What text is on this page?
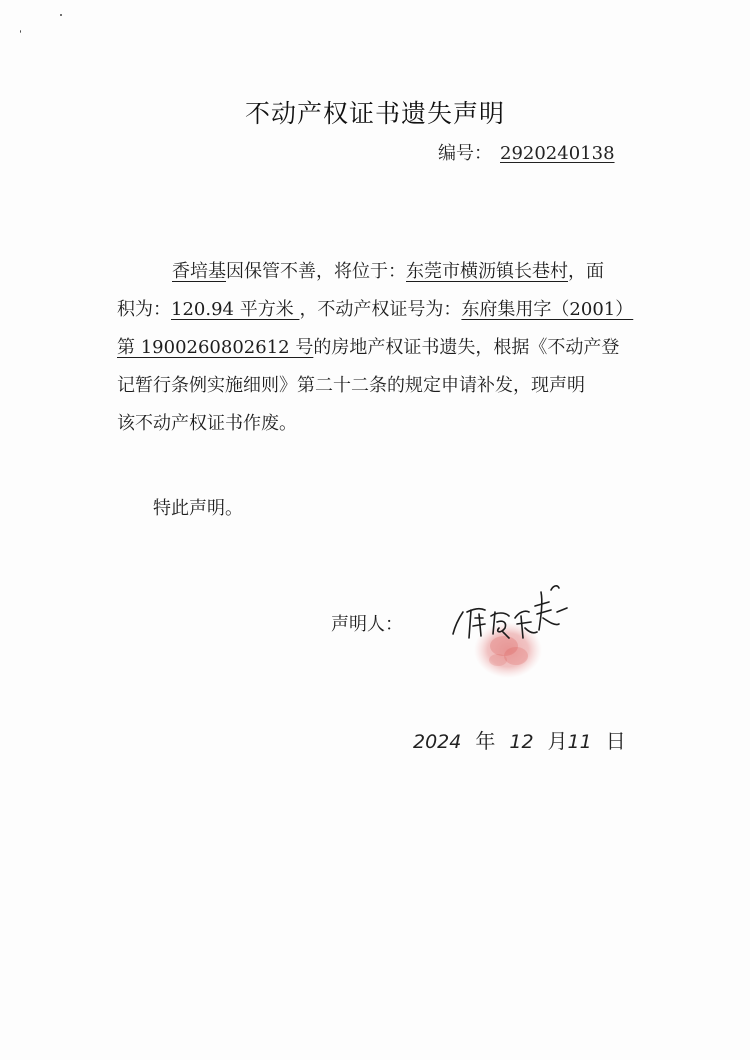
不动产权证书遗失声明
编号： 2920240138
香培基因保管不善，将位于：东莞市横沥镇长巷村，面
积为：120.94 平方米 ，不动产权证号为：东府集用字（2001）
第 1900260802612 号的房地产权证书遗失，根据《不动产登
记暂行条例实施细则》第二十二条的规定申请补发，现声明
该不动产权证书作废。
特此声明。
声明人：
2024 年 12 月11 日
